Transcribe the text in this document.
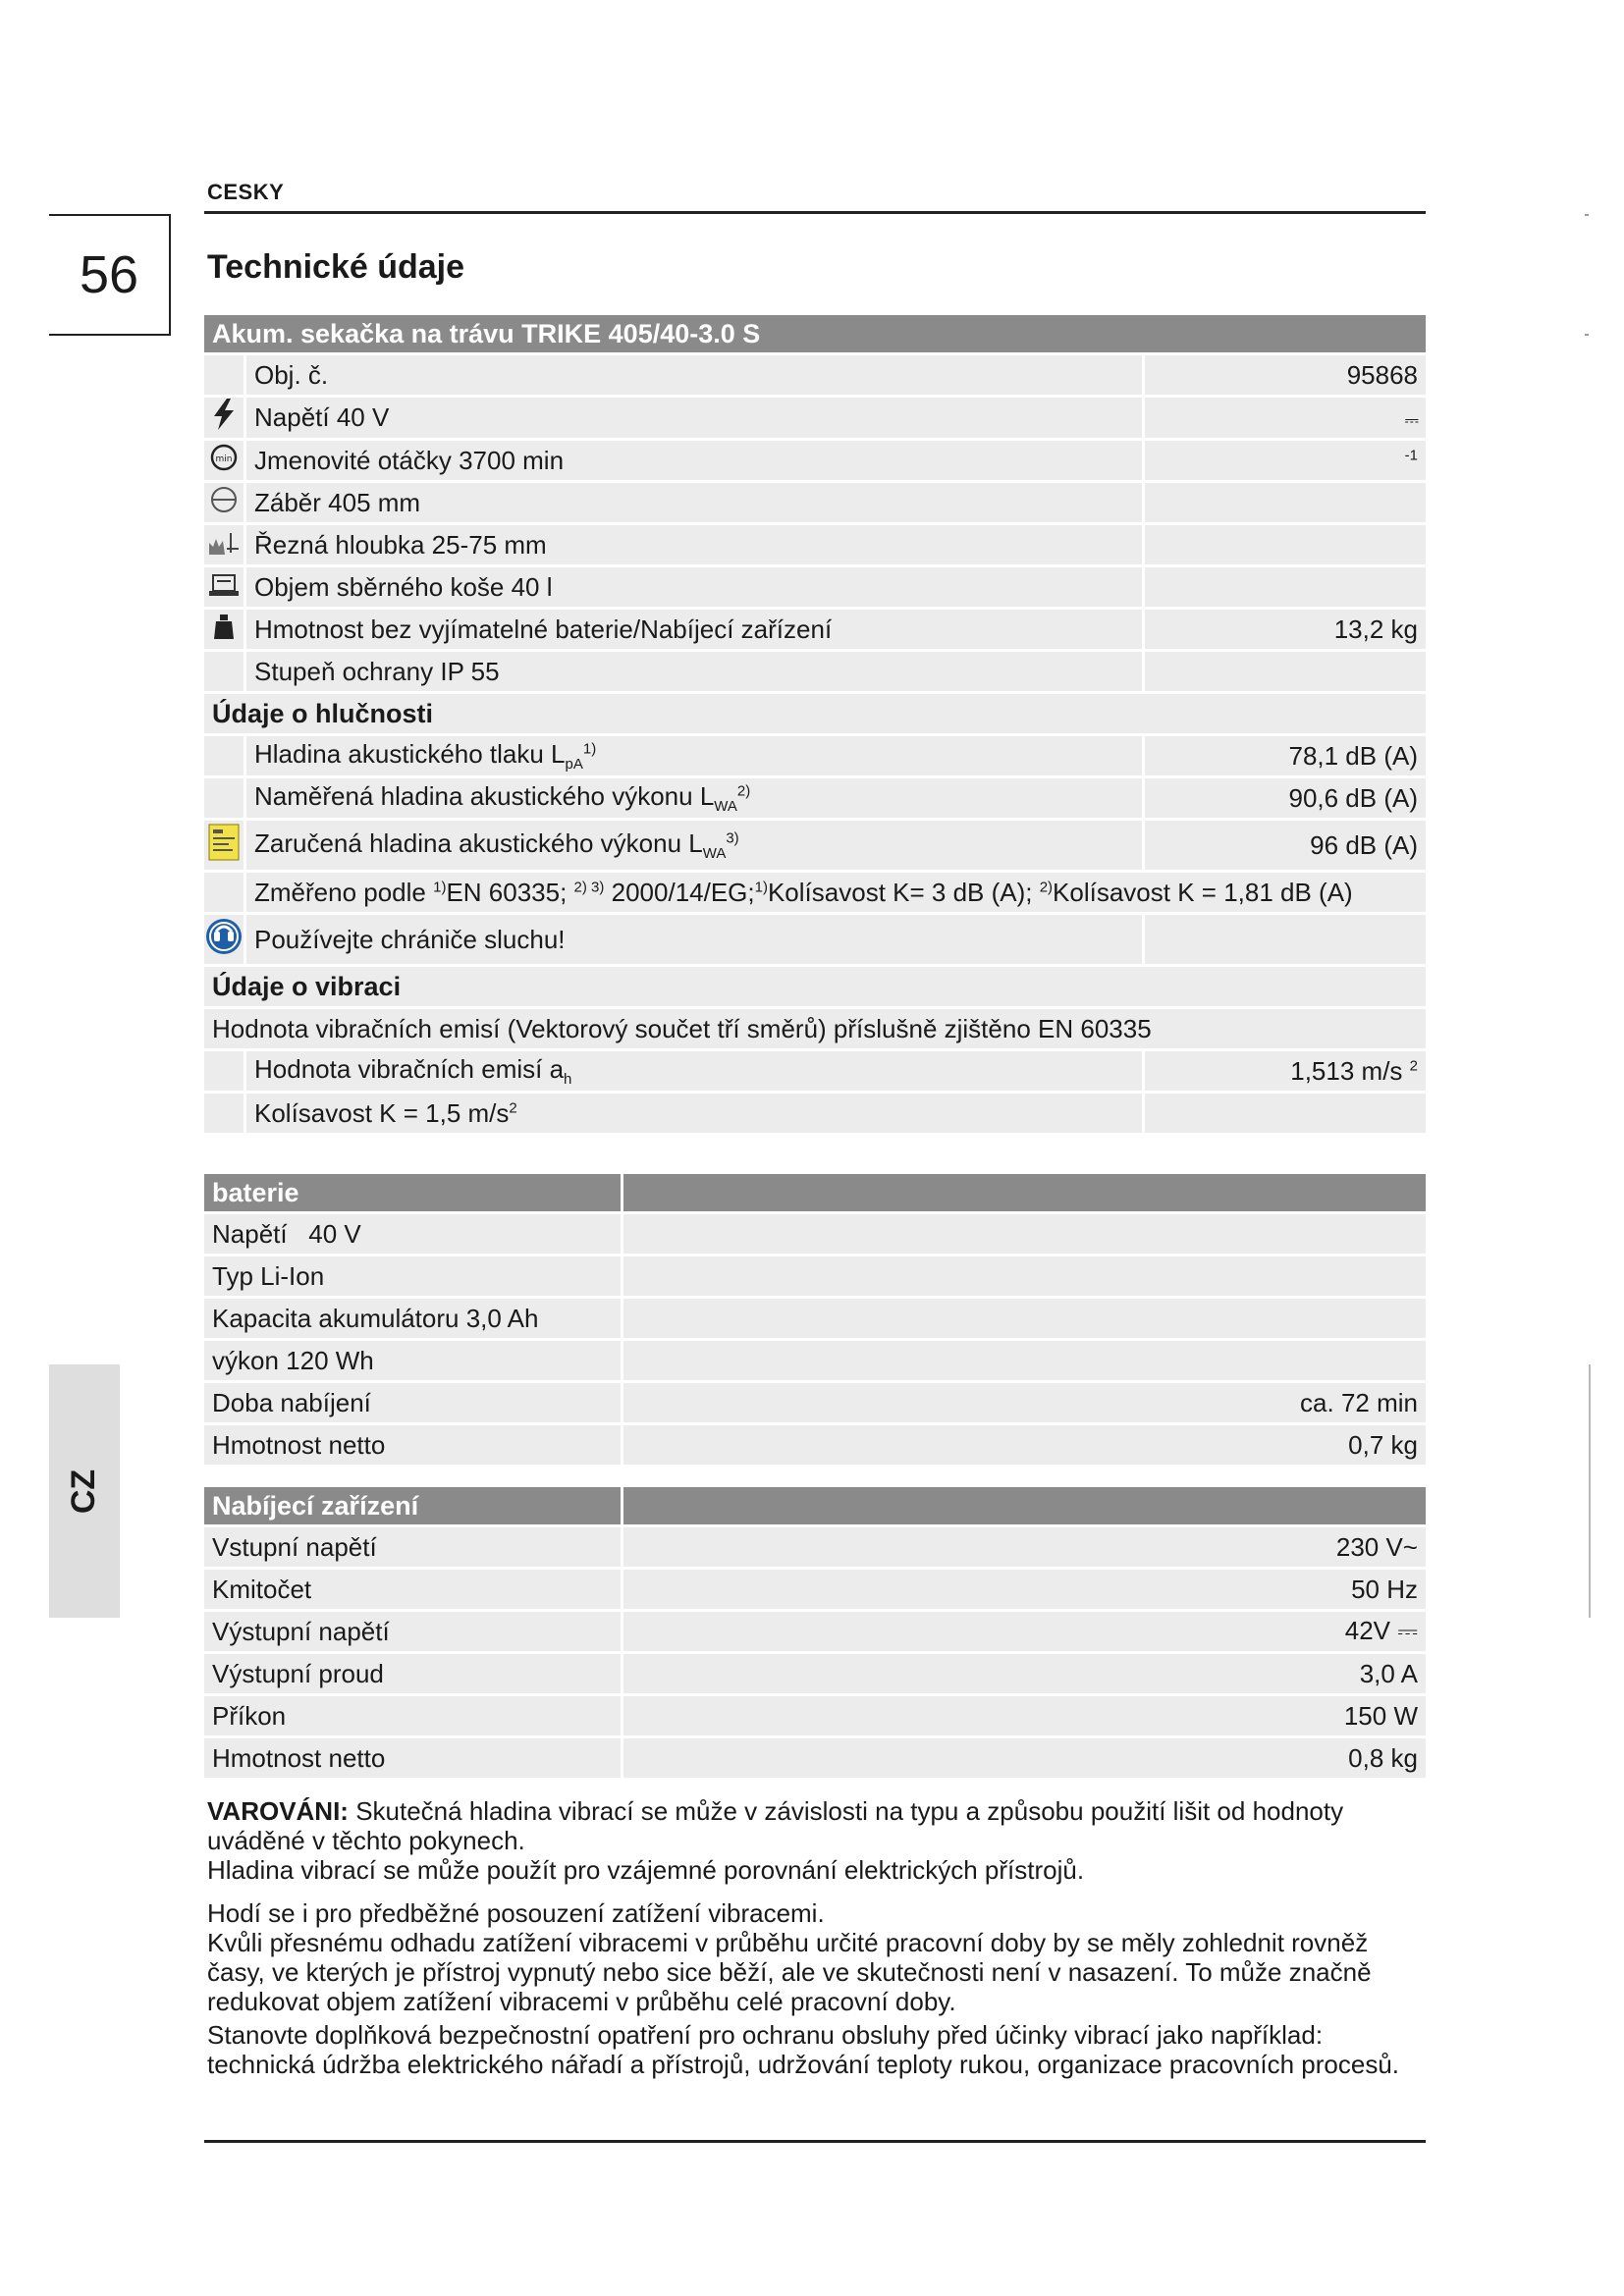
CESKY
56	Technické údaje
CZ
Akum. sekačka na trávu TRIKE 405/40-3.0 S		
	Obj. č.	95868
	Napětí 40 V	⎓

min	Jmenovité otáčky 3700 min	$^{-1}$
	Záběr 405 mm	
	Řezná hloubka 25-75 mm	
	Objem sběrného koše 40 l	
	Hmotnost bez vyjímatelné baterie/Nabíjecí zařízení	13,2 kg
	Stupeň ochrany IP 55	
Údaje o hlučnosti		
	Hladina akustického tlaku $L_{pA}^{1)}$	78,1 dB (A)
	Naměřená hladina akustického výkonu $L_{WA}^{2)}$	90,6 dB (A)
	Zaručená hladina akustického výkonu $L_{WA}^{3)}$	96 dB (A)
	Změřeno podle $^{1)}$EN 60335; $^{2) 3)}$ 2000/14/EG;$^{1)}$Kolísavost K= 3 dB (A); $^{2)}$Kolísavost K = 1,81 dB (A)	
	Používejte chrániče sluchu!	
Údaje o vibraci		
Hodnota vibračních emisí (Vektorový součet tří směrů) příslušně zjištěno EN 60335		
	Hodnota vibračních emisí $a_h$	1,513 m/s $^2$
	Kolísavost K = 1,5 $m/s^2$	
baterie	
Napětí   40 V	
Typ Li-Ion	
Kapacita akumulátoru 3,0 Ah	
výkon 120 Wh	
Doba nabíjení	ca. 72 min
Hmotnost netto	0,7 kg
Nabíjecí zařízení	
Vstupní napětí	230 V~
Kmitočet	50 Hz
Výstupní napětí	42V ⎓
Výstupní proud	3,0 A
Příkon	150 W
Hmotnost netto	0,8 kg

VAROVÁNI: Skutečná hladina vibrací se může v závislosti na typu a způsobu použití lišit od hodnoty uváděné v těchto pokynech.
Hladina vibrací se může použít pro vzájemné porovnání elektrických přístrojů.

Hodí se i pro předběžné posouzení zatížení vibracemi.

Kvůli přesnému odhadu zatížení vibracemi v průběhu určité pracovní doby by se měly zohlednit rovněž časy, ve kterých je přístroj vypnutý nebo sice běží, ale ve skutečnosti není v nasazení. To může značně redukovat objem zatížení vibracemi v průběhu celé pracovní doby.

Stanovte doplňková bezpečnostní opatření pro ochranu obsluhy před účinky vibrací jako například: technická údržba elektrického nářadí a přístrojů, udržování teploty rukou, organizace pracovních procesů.
